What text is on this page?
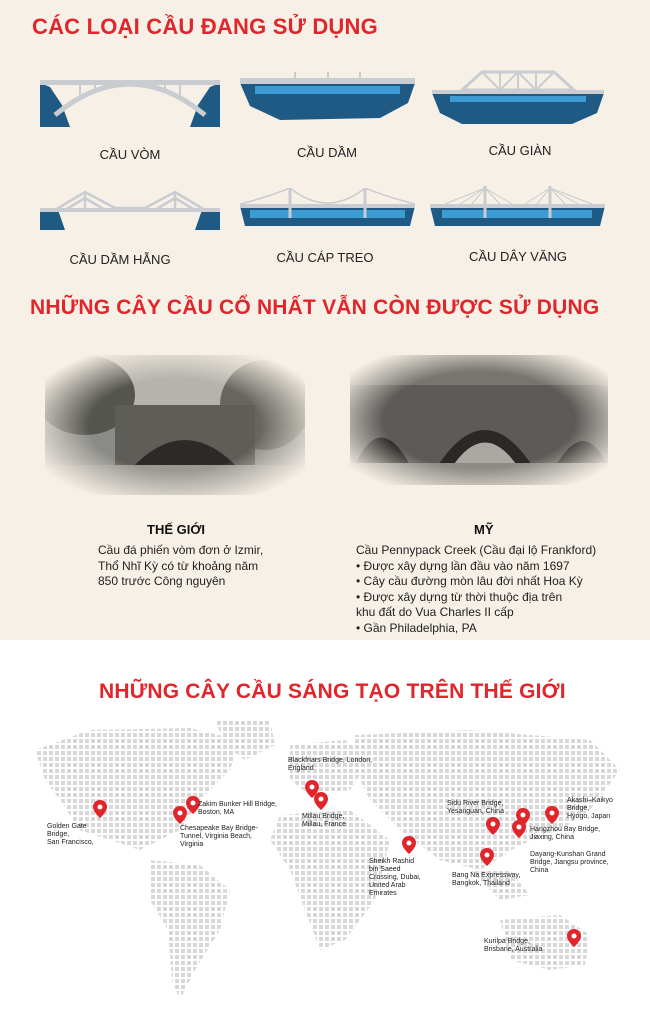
CÁC LOẠI CẦU ĐANG SỬ DỤNG
CẦU VÒM	CẦU DẦM	CẦU GIÀN
CẦU DẦM HẪNG	CẦU CÁP TREO	CẦU DÂY VĂNG
NHỮNG CÂY CẦU CỔ NHẤT VẪN CÒN ĐƯỢC SỬ DỤNG
THẾ GIỚI
Cầu đá phiến vòm đơn ở Izmir,
Thổ Nhĩ Kỳ có từ khoảng năm
850 trước Công nguyên
MỸ
Cầu Pennypack Creek (Cầu đại lộ Frankford)
• Được xây dựng lần đầu vào năm 1697
• Cây cầu đường mòn lâu đời nhất Hoa Kỳ
• Được xây dựng từ thời thuộc địa trên
khu đất do Vua Charles II cấp
• Gần Philadelphia, PA
NHỮNG CÂY CẦU SÁNG TẠO TRÊN THẾ GIỚI
Golden Gate
Bridge,
San Francisco,
Zakim Bunker Hill Bridge,
Boston, MA
Chesapeake Bay Bridge-
Tunnel, Virginia Beach,
Virginia
Blackfriars Bridge, London,
England
Millau Bridge,
Millau, France
Sheikh Rashid
bin Saeed
Crossing, Dubai,
United Arab
Emirates
Sidu River Bridge,
Yesanguan, China
Akashi–Kaikyo
Bridge,
Hyogo, Japan
Hangzhou Bay Bridge,
Jiaxing, China
Dayang-Kunshan Grand
Bridge, Jiangsu province,
China
Bang Na Expressway,
Bangkok, Thailand
Kurilpa Bridge,
Brisbane, Australia
